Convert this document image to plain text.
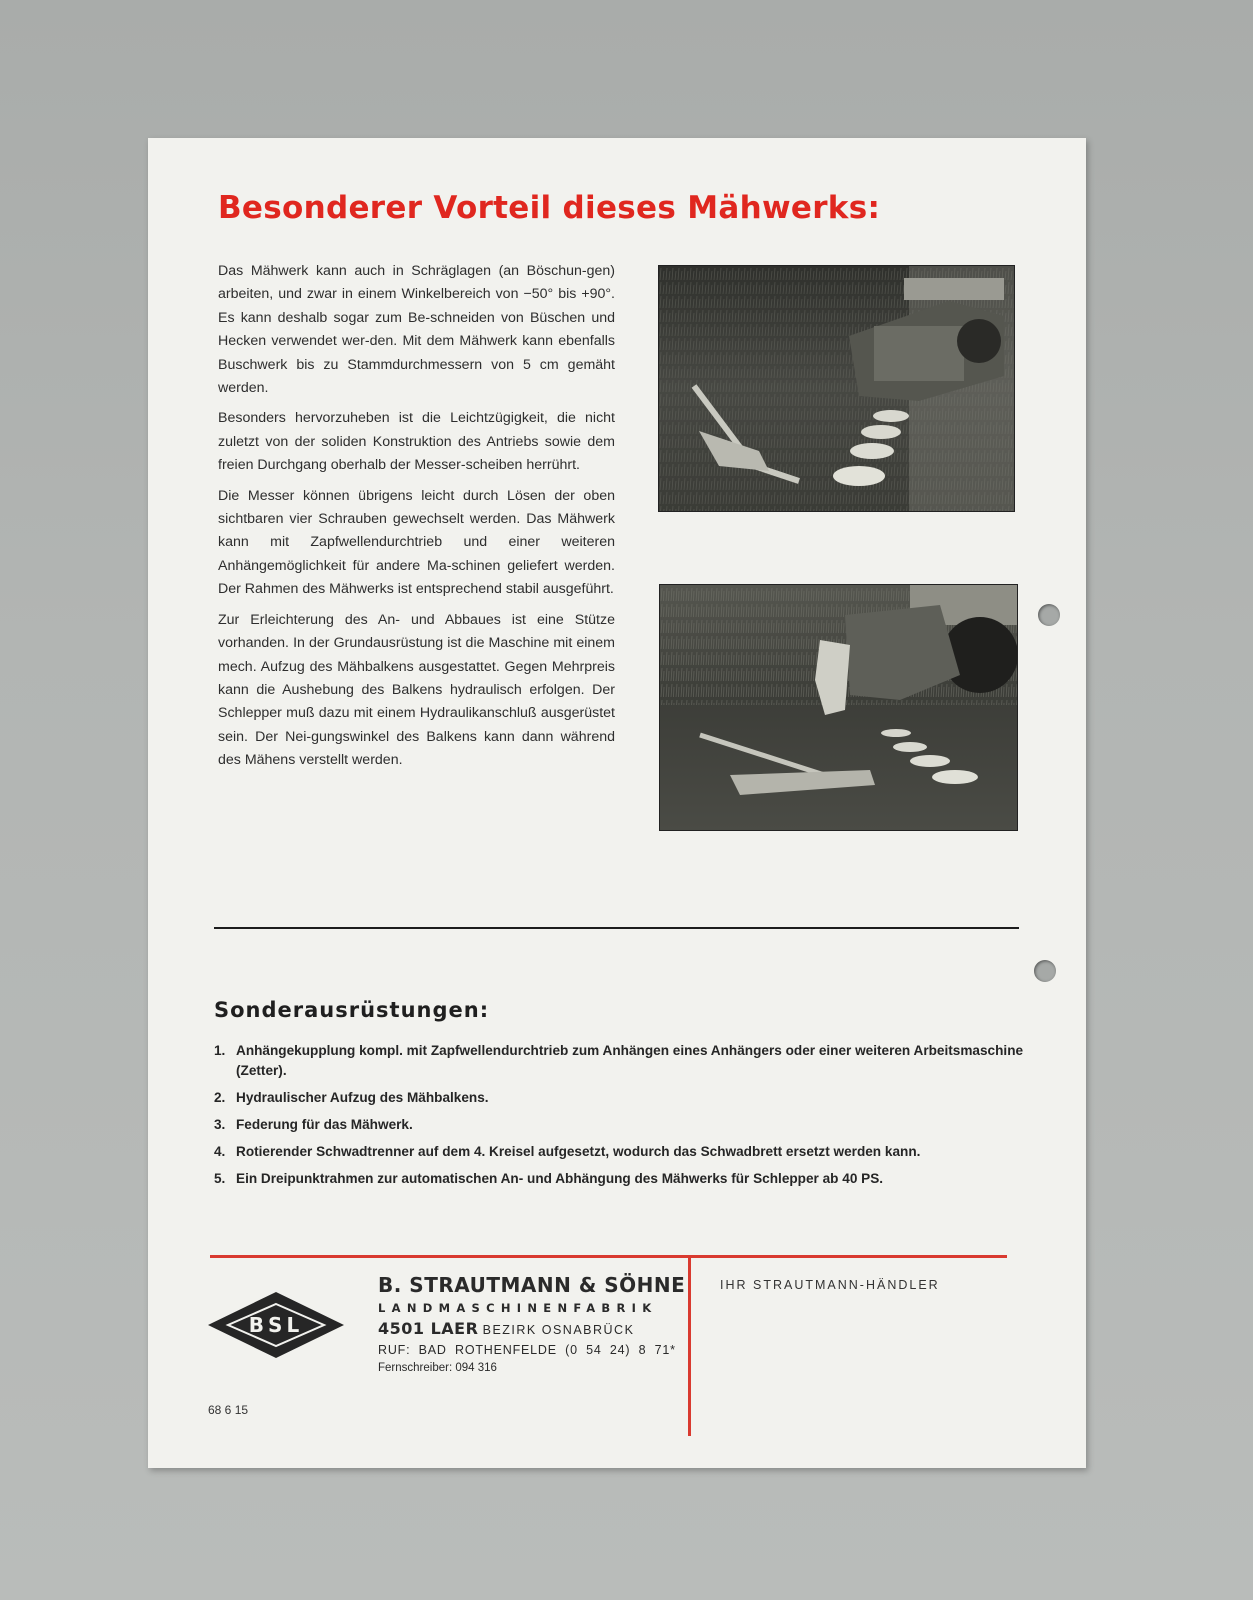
Besonderer Vorteil dieses Mähwerks:

Das Mähwerk kann auch in Schräglagen (an Böschun-gen) arbeiten, und zwar in einem Winkelbereich von −50° bis +90°. Es kann deshalb sogar zum Be-schneiden von Büschen und Hecken verwendet wer-den. Mit dem Mähwerk kann ebenfalls Buschwerk bis zu Stammdurchmessern von 5 cm gemäht werden.

Besonders hervorzuheben ist die Leichtzügigkeit, die nicht zuletzt von der soliden Konstruktion des Antriebs sowie dem freien Durchgang oberhalb der Messer-scheiben herrührt.

Die Messer können übrigens leicht durch Lösen der oben sichtbaren vier Schrauben gewechselt werden. Das Mähwerk kann mit Zapfwellendurchtrieb und einer weiteren Anhängemöglichkeit für andere Ma-schinen geliefert werden. Der Rahmen des Mähwerks ist entsprechend stabil ausgeführt.

Zur Erleichterung des An- und Abbaues ist eine Stütze vorhanden. In der Grundausrüstung ist die Maschine mit einem mech. Aufzug des Mähbalkens ausgestattet. Gegen Mehrpreis kann die Aushebung des Balkens hydraulisch erfolgen. Der Schlepper muß dazu mit einem Hydraulikanschluß ausgerüstet sein. Der Nei-gungswinkel des Balkens kann dann während des Mähens verstellt werden.

Sonderausrüstungen:
1. Anhängekupplung kompl. mit Zapfwellendurchtrieb zum Anhängen eines Anhängers oder einer weiteren Arbeitsmaschine (Zetter).
2. Hydraulischer Aufzug des Mähbalkens.
3. Federung für das Mähwerk.
4. Rotierender Schwadtrenner auf dem 4. Kreisel aufgesetzt, wodurch das Schwadbrett ersetzt werden kann.
5. Ein Dreipunktrahmen zur automatischen An- und Abhängung des Mähwerks für Schlepper ab 40 PS.
BSL
B. STRAUTMANN & SÖHNE
LANDMASCHINENFABRIK
4501 LAER BEZIRK OSNABRÜCK
RUF: BAD ROTHENFELDE (0 54 24) 8 71*
Fernschreiber: 094 316
IHR STRAUTMANN-HÄNDLER
68 6 15
